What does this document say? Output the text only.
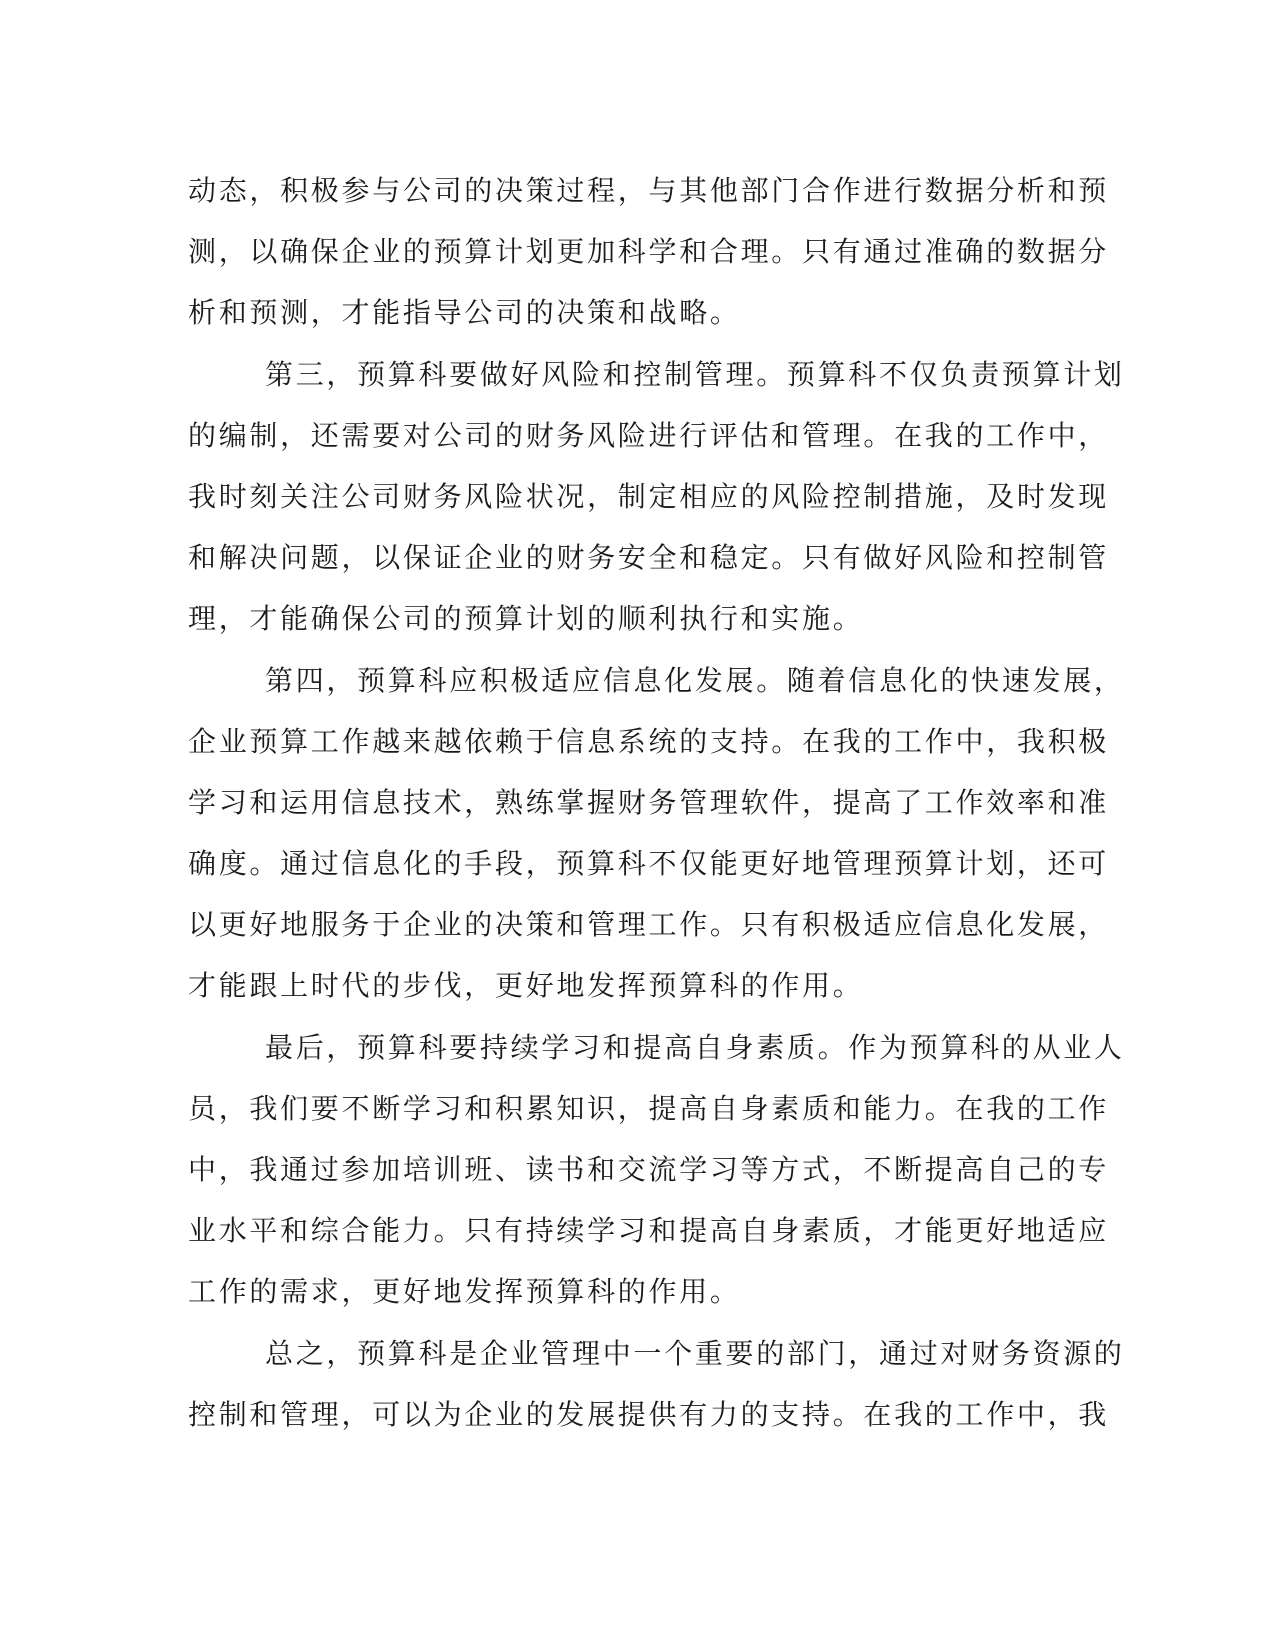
动态，积极参与公司的决策过程，与其他部门合作进行数据分析和预
测，以确保企业的预算计划更加科学和合理。只有通过准确的数据分
析和预测，才能指导公司的决策和战略。
第三，预算科要做好风险和控制管理。预算科不仅负责预算计划
的编制，还需要对公司的财务风险进行评估和管理。在我的工作中，
我时刻关注公司财务风险状况，制定相应的风险控制措施，及时发现
和解决问题，以保证企业的财务安全和稳定。只有做好风险和控制管
理，才能确保公司的预算计划的顺利执行和实施。
第四，预算科应积极适应信息化发展。随着信息化的快速发展，
企业预算工作越来越依赖于信息系统的支持。在我的工作中，我积极
学习和运用信息技术，熟练掌握财务管理软件，提高了工作效率和准
确度。通过信息化的手段，预算科不仅能更好地管理预算计划，还可
以更好地服务于企业的决策和管理工作。只有积极适应信息化发展，
才能跟上时代的步伐，更好地发挥预算科的作用。
最后，预算科要持续学习和提高自身素质。作为预算科的从业人
员，我们要不断学习和积累知识，提高自身素质和能力。在我的工作
中，我通过参加培训班、读书和交流学习等方式，不断提高自己的专
业水平和综合能力。只有持续学习和提高自身素质，才能更好地适应
工作的需求，更好地发挥预算科的作用。
总之，预算科是企业管理中一个重要的部门，通过对财务资源的
控制和管理，可以为企业的发展提供有力的支持。在我的工作中，我
